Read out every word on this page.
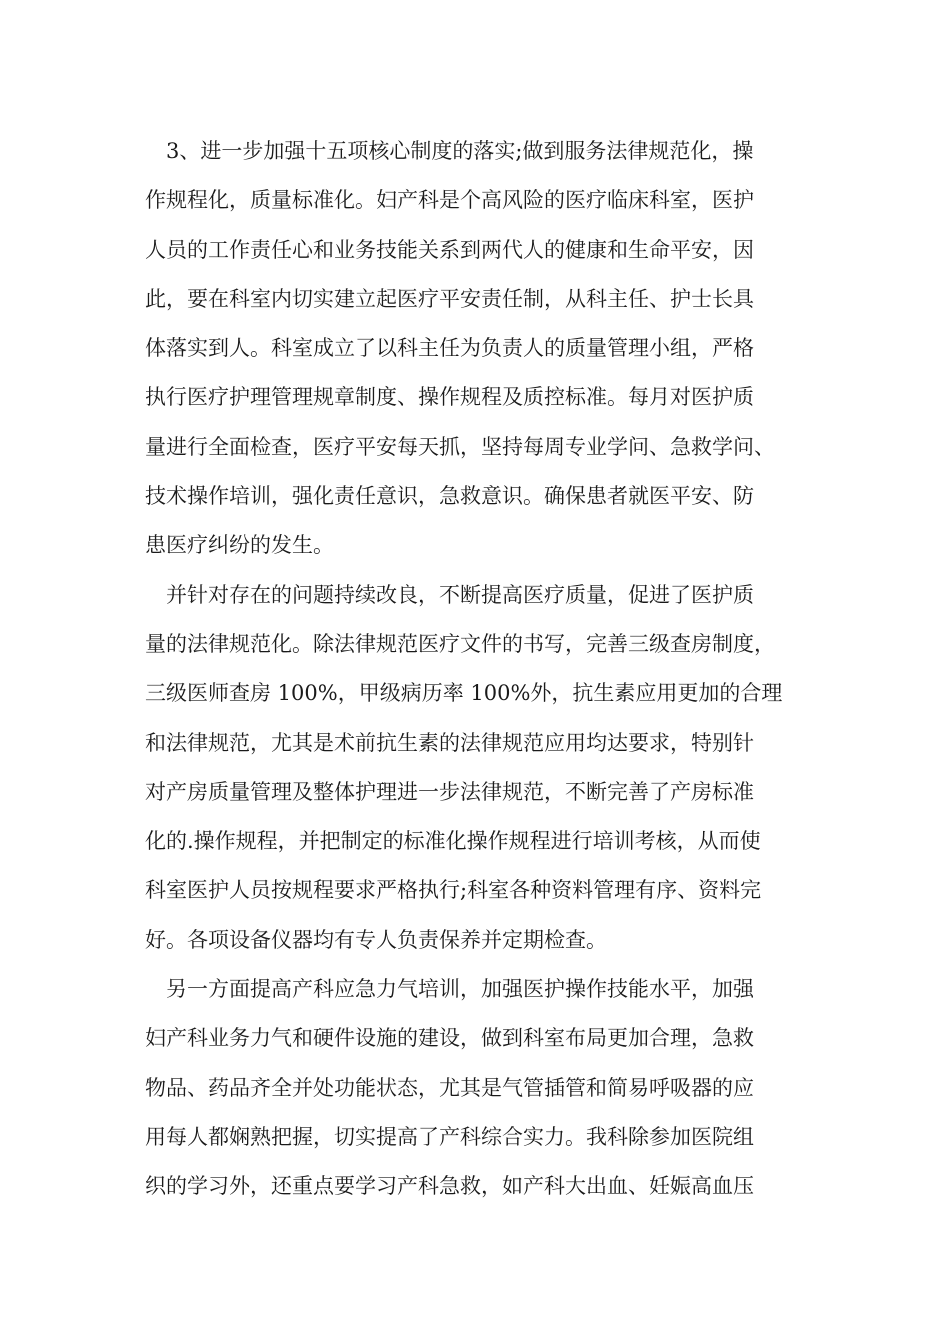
3、进一步加强十五项核心制度的落实;做到服务法律规范化，操
作规程化，质量标准化。妇产科是个高风险的医疗临床科室，医护
人员的工作责任心和业务技能关系到两代人的健康和生命平安，因
此，要在科室内切实建立起医疗平安责任制，从科主任、护士长具
体落实到人。科室成立了以科主任为负责人的质量管理小组，严格
执行医疗护理管理规章制度、操作规程及质控标准。每月对医护质
量进行全面检查，医疗平安每天抓，坚持每周专业学问、急救学问、
技术操作培训，强化责任意识，急救意识。确保患者就医平安、防
患医疗纠纷的发生。
并针对存在的问题持续改良，不断提高医疗质量，促进了医护质
量的法律规范化。除法律规范医疗文件的书写，完善三级查房制度，
三级医师查房 100%，甲级病历率 100%外，抗生素应用更加的合理
和法律规范，尤其是术前抗生素的法律规范应用均达要求，特别针
对产房质量管理及整体护理进一步法律规范，不断完善了产房标准
化的.操作规程，并把制定的标准化操作规程进行培训考核，从而使
科室医护人员按规程要求严格执行;科室各种资料管理有序、资料完
好。各项设备仪器均有专人负责保养并定期检查。
另一方面提高产科应急力气培训，加强医护操作技能水平，加强
妇产科业务力气和硬件设施的建设，做到科室布局更加合理，急救
物品、药品齐全并处功能状态，尤其是气管插管和简易呼吸器的应
用每人都娴熟把握，切实提高了产科综合实力。我科除参加医院组
织的学习外，还重点要学习产科急救，如产科大出血、妊娠高血压
